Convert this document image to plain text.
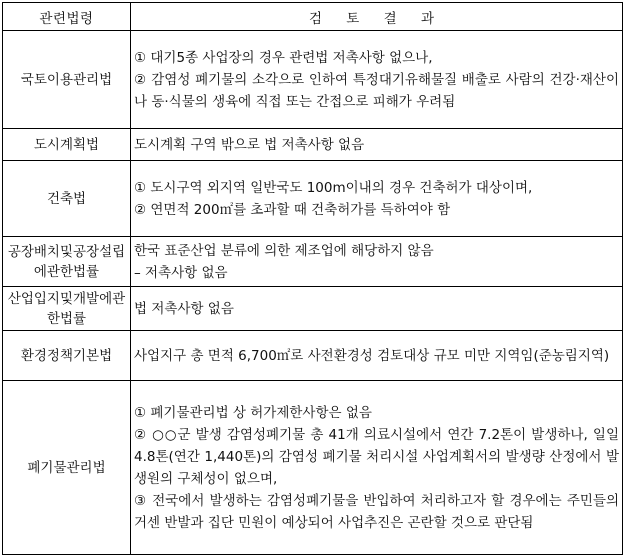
관련법령	검 토 결 과
국토이용관리법	① 대기5종 사업장의 경우 관련법 저촉사항 없으나,
② 감염성 폐기물의 소각으로 인하여 특정대기유해물질 배출로 사람의 건강·재산이나 동·식물의 생육에 직접 또는 간접으로 피해가 우려됨

도시계획법	도시계획 구역 밖으로 법 저촉사항 없음

건축법	① 도시구역 외지역 일반국도 100m이내의 경우 건축허가 대상이며,
② 연면적 200㎡를 초과할 때 건축허가를 득하여야 함

공장배치및공장설립에관한법률	한국 표준산업 분류에 의한 제조업에 해당하지 않음
– 저촉사항 없음

산업입지및개발에관한법률	법 저촉사항 없음

환경정책기본법	사업지구 총 면적 6,700㎡로 사전환경성 검토대상 규모 미만 지역임(준농림지역)

폐기물관리법	① 폐기물관리법 상 허가제한사항은 없음
② ○○군 발생 감염성폐기물 총 41개 의료시설에서 연간 7.2톤이 발생하나, 일일 4.8톤(연간 1,440톤)의 감염성 폐기물 처리시설 사업계획서의 발생량 산정에서 발생원의 구체성이 없으며,
③ 전국에서 발생하는 감염성폐기물을 반입하여 처리하고자 할 경우에는 주민들의 거센 반발과 집단 민원이 예상되어 사업추진은 곤란할 것으로 판단됨
